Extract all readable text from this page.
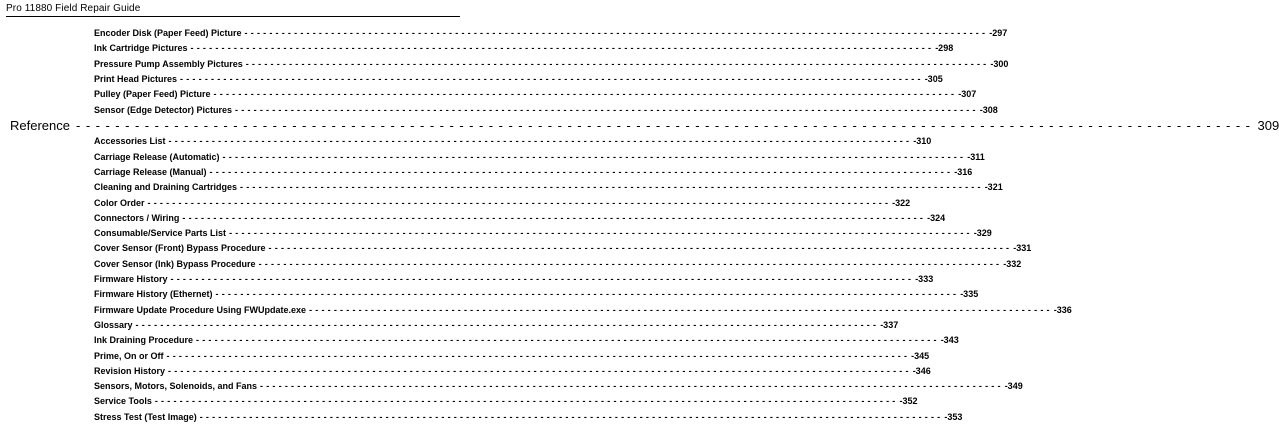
Pro 11880 Field Repair Guide
Encoder Disk (Paper Feed) Picture ------------------------------------------------------------------------------------------------------------------------ -297
Ink Cartridge Pictures ------------------------------------------------------------------------------------------------------------------------ -298
Pressure Pump Assembly Pictures ------------------------------------------------------------------------------------------------------------------------ -300
Print Head Pictures ------------------------------------------------------------------------------------------------------------------------ -305
Pulley (Paper Feed) Picture ------------------------------------------------------------------------------------------------------------------------ -307
Sensor (Edge Detector) Pictures ------------------------------------------------------------------------------------------------------------------------ -308
Reference ------------------------------------------------------------------------------------------------------------------------ 309
Accessories List ------------------------------------------------------------------------------------------------------------------------ -310
Carriage Release (Automatic) ------------------------------------------------------------------------------------------------------------------------ -311
Carriage Release (Manual) ------------------------------------------------------------------------------------------------------------------------ -316
Cleaning and Draining Cartridges ------------------------------------------------------------------------------------------------------------------------ -321
Color Order ------------------------------------------------------------------------------------------------------------------------ -322
Connectors / Wiring ------------------------------------------------------------------------------------------------------------------------ -324
Consumable/Service Parts List ------------------------------------------------------------------------------------------------------------------------ -329
Cover Sensor (Front) Bypass Procedure ------------------------------------------------------------------------------------------------------------------------ -331
Cover Sensor (Ink) Bypass Procedure ------------------------------------------------------------------------------------------------------------------------ -332
Firmware History ------------------------------------------------------------------------------------------------------------------------ -333
Firmware History (Ethernet) ------------------------------------------------------------------------------------------------------------------------ -335
Firmware Update Procedure Using FWUpdate.exe ------------------------------------------------------------------------------------------------------------------------ -336
Glossary ------------------------------------------------------------------------------------------------------------------------ -337
Ink Draining Procedure ------------------------------------------------------------------------------------------------------------------------ -343
Prime, On or Off ------------------------------------------------------------------------------------------------------------------------ -345
Revision History ------------------------------------------------------------------------------------------------------------------------ -346
Sensors, Motors, Solenoids, and Fans ------------------------------------------------------------------------------------------------------------------------ -349
Service Tools ------------------------------------------------------------------------------------------------------------------------ -352
Stress Test (Test Image) ------------------------------------------------------------------------------------------------------------------------ -353
